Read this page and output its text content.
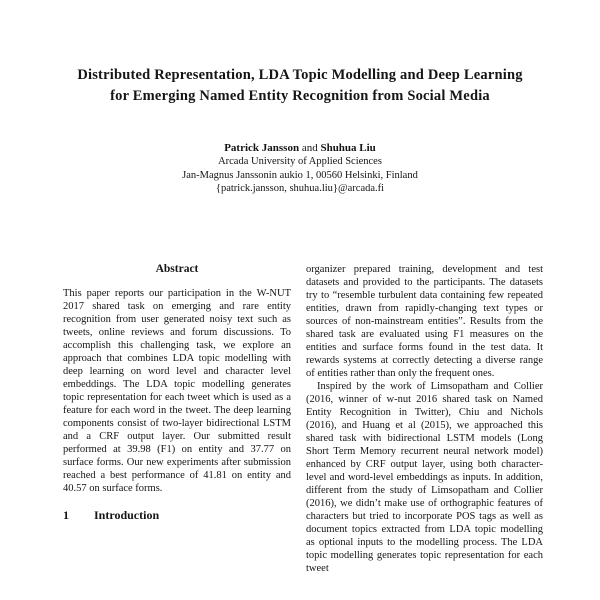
Distributed Representation, LDA Topic Modelling and Deep Learning
for Emerging Named Entity Recognition from Social Media
Patrick Jansson and Shuhua Liu
Arcada University of Applied Sciences
Jan-Magnus Janssonin aukio 1, 00560 Helsinki, Finland
{patrick.jansson, shuhua.liu}@arcada.fi
Abstract

This paper reports our participation in the W-NUT 2017 shared task on emerging and rare entity recognition from user generated noisy text such as tweets, online reviews and forum discussions. To accomplish this challenging task, we explore an approach that combines LDA topic modelling with deep learning on word level and character level embeddings. The LDA topic modelling generates topic representation for each tweet which is used as a feature for each word in the tweet. The deep learning components consist of two-layer bidirectional LSTM and a CRF output layer. Our submitted result performed at 39.98 (F1) on entity and 37.77 on surface forms. Our new experiments after submission reached a best performance of 41.81 on entity and 40.57 on surface forms.

1 Introduction

organizer prepared training, development and test datasets and provided to the participants. The datasets try to “resemble turbulent data containing few repeated entities, drawn from rapidly-changing text types or sources of non-mainstream entities”. Results from the shared task are evaluated using F1 measures on the entities and surface forms found in the test data. It rewards systems at correctly detecting a diverse range of entities rather than only the frequent ones.

Inspired by the work of Limsopatham and Collier (2016, winner of w-nut 2016 shared task on Named Entity Recognition in Twitter), Chiu and Nichols (2016), and Huang et al (2015), we approached this shared task with bidirectional LSTM models (Long Short Term Memory recurrent neural network model) enhanced by CRF output layer, using both character-level and word-level embeddings as inputs. In addition, different from the study of Limsopatham and Collier (2016), we didn’t make use of orthographic features of characters but tried to incorporate POS tags as well as document topics extracted from LDA topic modelling as optional inputs to the modelling process. The LDA topic modelling generates topic representation for each tweet
